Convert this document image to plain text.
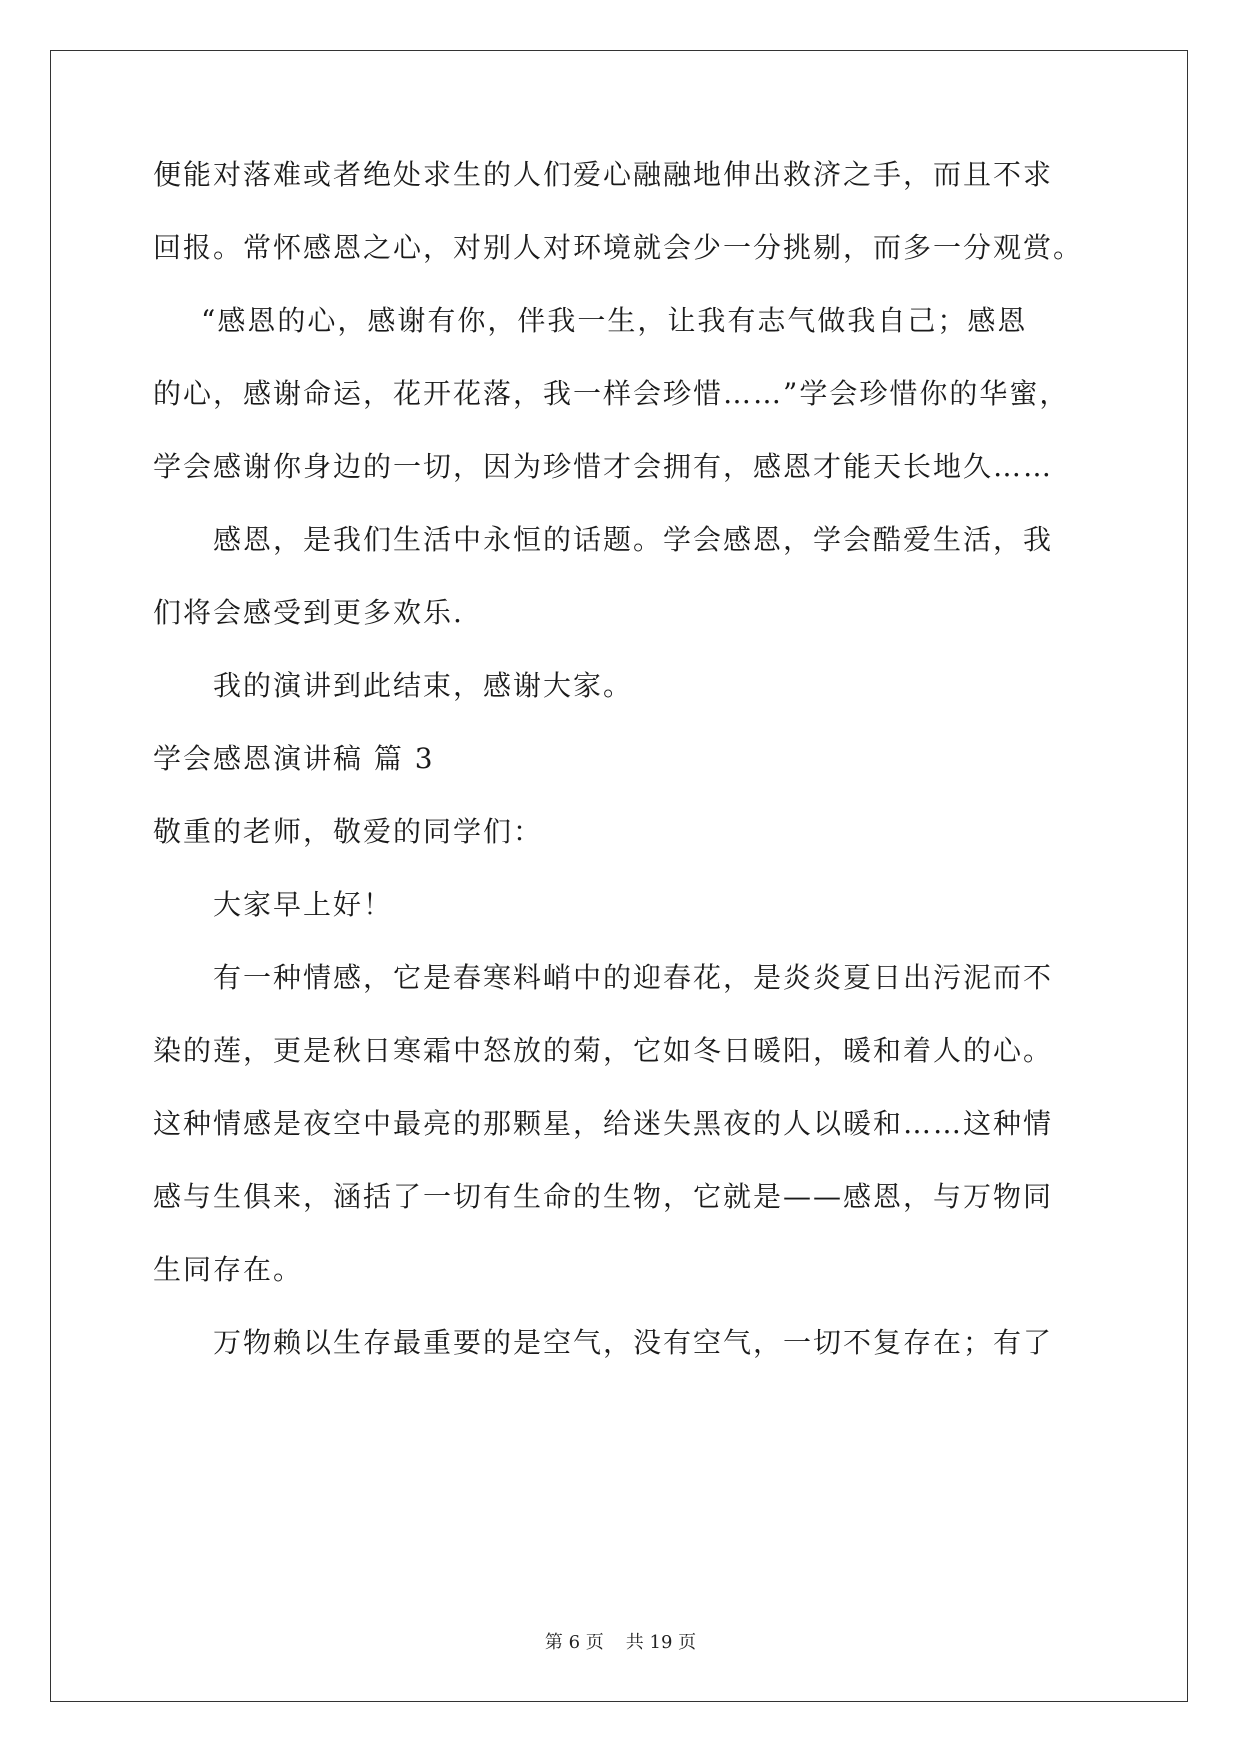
便能对落难或者绝处求生的人们爱心融融地伸出救济之手，而且不求
回报。常怀感恩之心，对别人对环境就会少一分挑剔，而多一分观赏。
“感恩的心，感谢有你，伴我一生，让我有志气做我自己；感恩
的心，感谢命运，花开花落，我一样会珍惜……”学会珍惜你的华蜜，
学会感谢你身边的一切，因为珍惜才会拥有，感恩才能天长地久……
感恩，是我们生活中永恒的话题。学会感恩，学会酷爱生活，我
们将会感受到更多欢乐.
我的演讲到此结束，感谢大家。
学会感恩演讲稿 篇 3
敬重的老师，敬爱的同学们：
大家早上好！
有一种情感，它是春寒料峭中的迎春花，是炎炎夏日出污泥而不
染的莲，更是秋日寒霜中怒放的菊，它如冬日暖阳，暖和着人的心。
这种情感是夜空中最亮的那颗星，给迷失黑夜的人以暖和……这种情
感与生俱来，涵括了一切有生命的生物，它就是——感恩，与万物同
生同存在。
万物赖以生存最重要的是空气，没有空气，一切不复存在；有了
第 6 页 共 19 页
